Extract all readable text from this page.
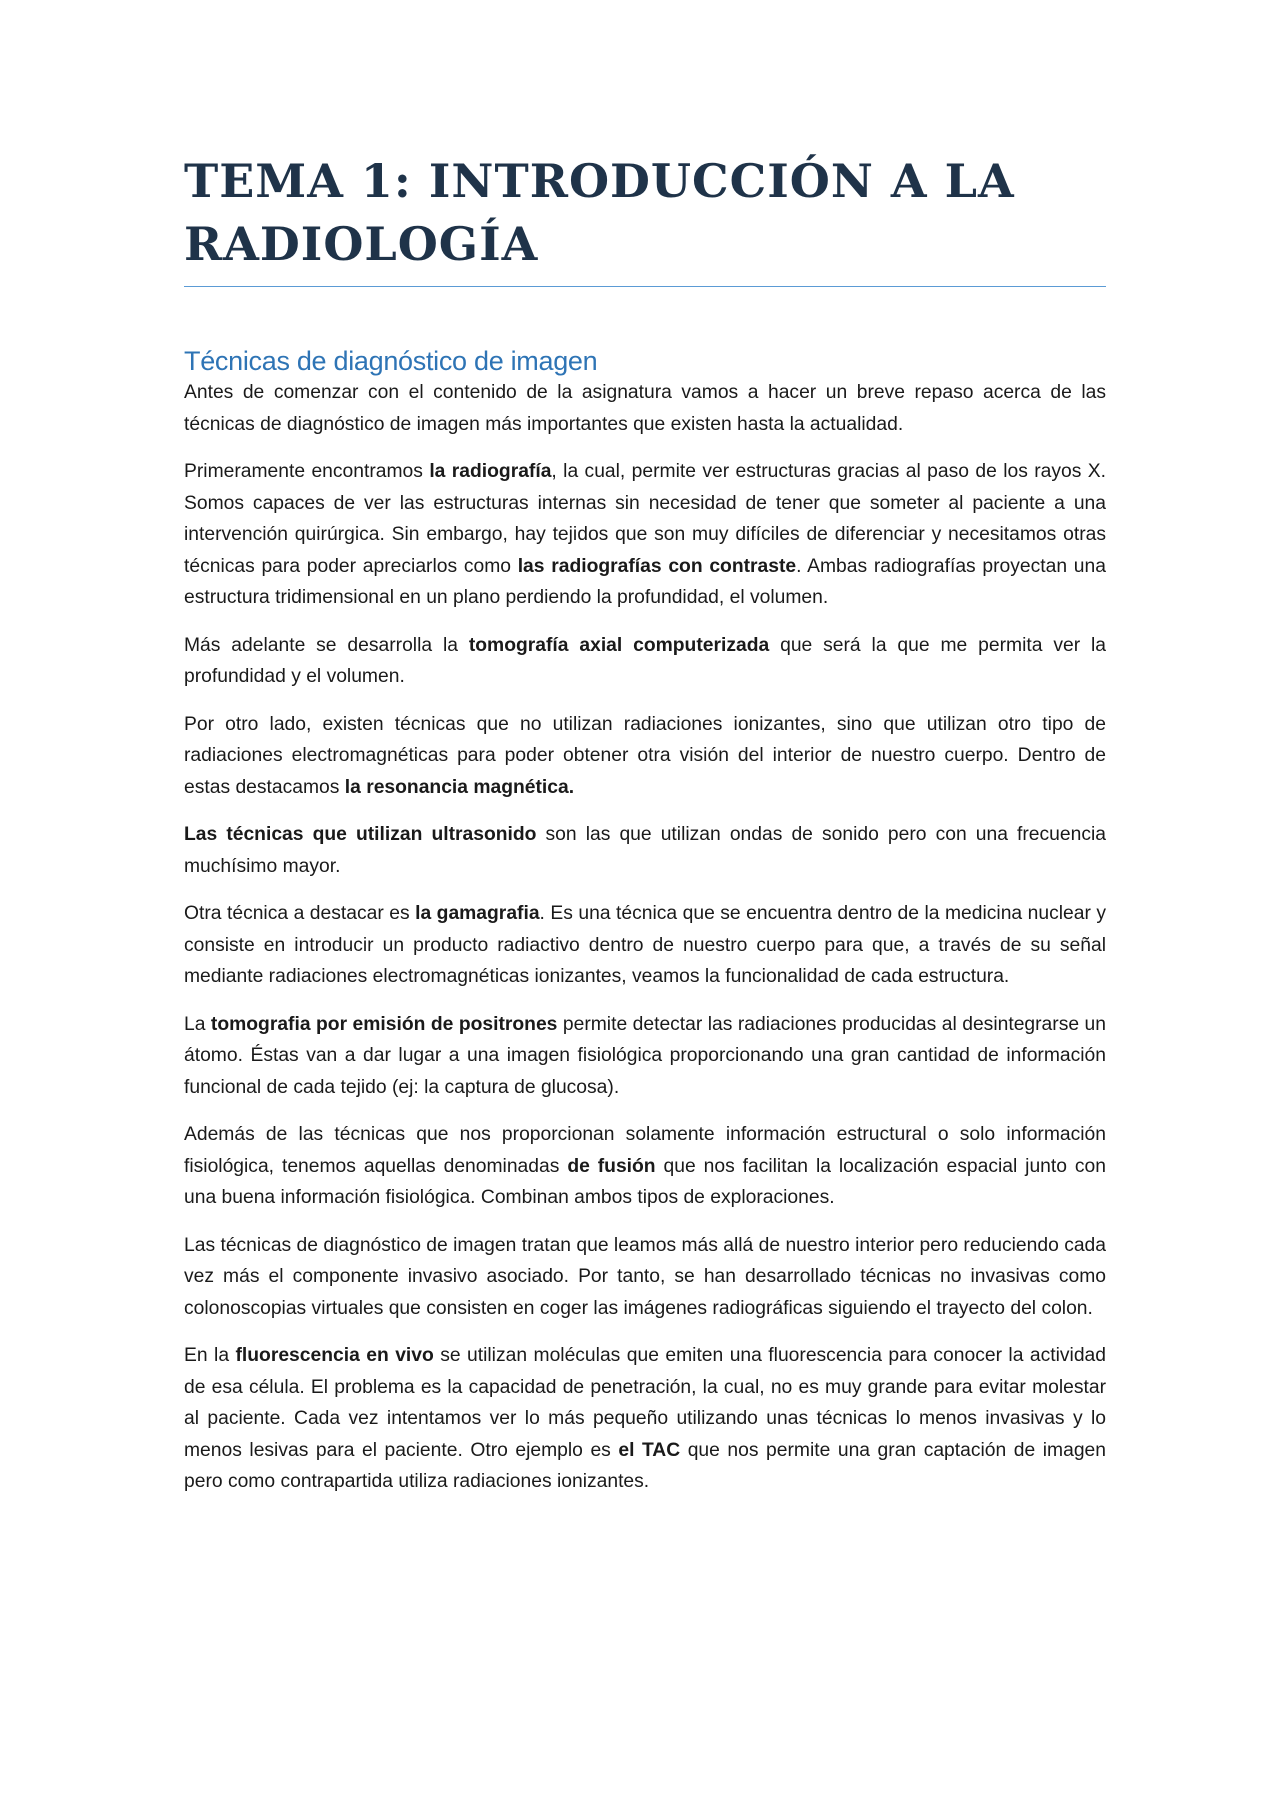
TEMA 1: INTRODUCCIÓN A LA RADIOLOGÍA
Técnicas de diagnóstico de imagen

Antes de comenzar con el contenido de la asignatura vamos a hacer un breve repaso acerca de las técnicas de diagnóstico de imagen más importantes que existen hasta la actualidad.

Primeramente encontramos la radiografía, la cual, permite ver estructuras gracias al paso de los rayos X. Somos capaces de ver las estructuras internas sin necesidad de tener que someter al paciente a una intervención quirúrgica. Sin embargo, hay tejidos que son muy difíciles de diferenciar y necesitamos otras técnicas para poder apreciarlos como las radiografías con contraste. Ambas radiografías proyectan una estructura tridimensional en un plano perdiendo la profundidad, el volumen.

Más adelante se desarrolla la tomografía axial computerizada que será la que me permita ver la profundidad y el volumen.

Por otro lado, existen técnicas que no utilizan radiaciones ionizantes, sino que utilizan otro tipo de radiaciones electromagnéticas para poder obtener otra visión del interior de nuestro cuerpo. Dentro de estas destacamos la resonancia magnética.

Las técnicas que utilizan ultrasonido son las que utilizan ondas de sonido pero con una frecuencia muchísimo mayor.

Otra técnica a destacar es la gamagrafia. Es una técnica que se encuentra dentro de la medicina nuclear y consiste en introducir un producto radiactivo dentro de nuestro cuerpo para que, a través de su señal mediante radiaciones electromagnéticas ionizantes, veamos la funcionalidad de cada estructura.

La tomografia por emisión de positrones permite detectar las radiaciones producidas al desintegrarse un átomo. Éstas van a dar lugar a una imagen fisiológica proporcionando una gran cantidad de información funcional de cada tejido (ej: la captura de glucosa).

Además de las técnicas que nos proporcionan solamente información estructural o solo información fisiológica, tenemos aquellas denominadas de fusión que nos facilitan la localización espacial junto con una buena información fisiológica. Combinan ambos tipos de exploraciones.

Las técnicas de diagnóstico de imagen tratan que leamos más allá de nuestro interior pero reduciendo cada vez más el componente invasivo asociado. Por tanto, se han desarrollado técnicas no invasivas como colonoscopias virtuales que consisten en coger las imágenes radiográficas siguiendo el trayecto del colon.

En la fluorescencia en vivo se utilizan moléculas que emiten una fluorescencia para conocer la actividad de esa célula. El problema es la capacidad de penetración, la cual, no es muy grande para evitar molestar al paciente. Cada vez intentamos ver lo más pequeño utilizando unas técnicas lo menos invasivas y lo menos lesivas para el paciente. Otro ejemplo es el TAC que nos permite una gran captación de imagen pero como contrapartida utiliza radiaciones ionizantes.
